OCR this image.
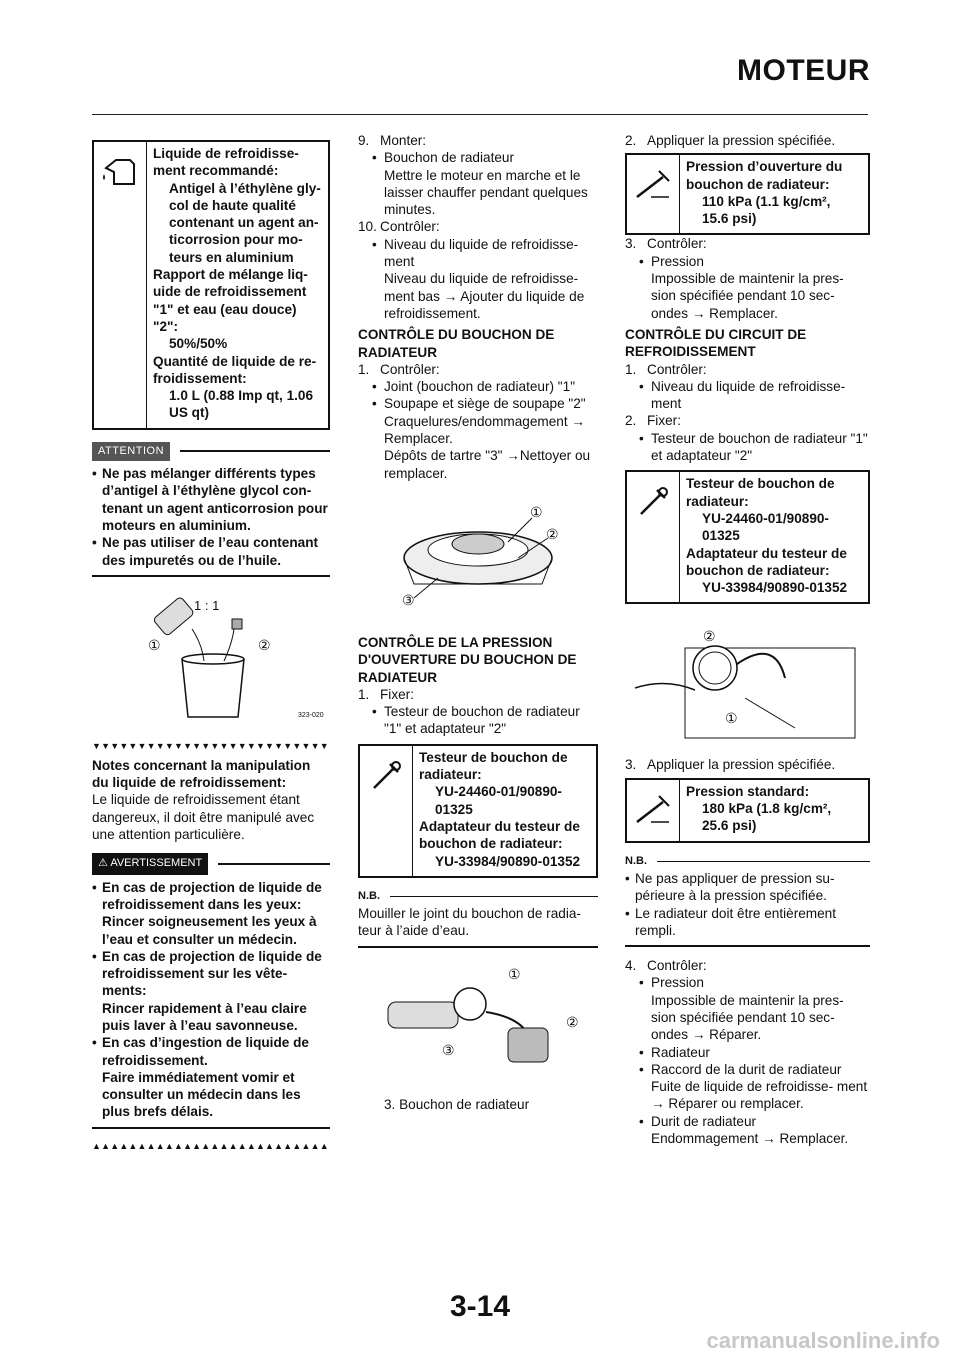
MOTEUR

Liquide de refroidisse-

ment recommandé:

Antigel à l’éthylène gly-

col de haute qualité

contenant un agent an-

ticorrosion pour mo-

teurs en aluminium

Rapport de mélange liq-

uide de refroidissement

"1" et eau (eau douce)

"2":

50%/50%

Quantité de liquide de re-

froidissement:

1.0 L (0.88 Imp qt, 1.06

US qt)

ATTENTION

• Ne pas mélanger différents types d’antigel à l’éthylène glycol con- tenant un agent anticorrosion pour moteurs en aluminium.

• Ne pas utiliser de l’eau contenant des impuretés ou de l’huile.

1 : 1
①	②
323-020
▼▼▼▼▼▼▼▼▼▼▼▼▼▼▼▼▼▼▼▼▼▼▼▼▼▼

Notes concernant la manipulation du liquide de refroidissement:

Le liquide de refroidissement étant dangereux, il doit être manipulé avec une attention particulière.

⚠ AVERTISSEMENT

• En cas de projection de liquide de refroidissement dans les yeux:

Rincer soigneusement les yeux à l’eau et consulter un médecin.

• En cas de projection de liquide de refroidissement sur les vête- ments:

Rincer rapidement à l’eau claire puis laver à l’eau savonneuse.

• En cas d’ingestion de liquide de refroidissement.

Faire immédiatement vomir et consulter un médecin dans les plus brefs délais.

▲▲▲▲▲▲▲▲▲▲▲▲▲▲▲▲▲▲▲▲▲▲▲▲▲▲

9. Monter:

• Bouchon de radiateur

Mettre le moteur en marche et le laisser chauffer pendant quelques minutes.

10. Contrôler:

• Niveau du liquide de refroidisse- ment

Niveau du liquide de refroidisse- ment bas → Ajouter du liquide de refroidissement.

CONTRÔLE DU BOUCHON DE RADIATEUR

1. Contrôler:

• Joint (bouchon de radiateur) "1"

• Soupape et siège de soupape "2"

Craquelures/endommagement → Remplacer.

Dépôts de tartre "3" →Nettoyer ou remplacer.

①
②
③

CONTRÔLE DE LA PRESSION D'OUVERTURE DU BOUCHON DE RADIATEUR

1. Fixer:

• Testeur de bouchon de radiateur "1" et adaptateur "2"

Testeur de bouchon de

radiateur:

YU-24460-01/90890-

01325

Adaptateur du testeur de

bouchon de radiateur:

YU-33984/90890-01352

N.B.

Mouiller le joint du bouchon de radia- teur à l’aide d’eau.

①
②
③

3. Bouchon de radiateur

2. Appliquer la pression spécifiée.

Pression d’ouverture du

bouchon de radiateur:

110 kPa (1.1 kg/cm²,

15.6 psi)

3. Contrôler:

• Pression

Impossible de maintenir la pres- sion spécifiée pendant 10 sec- ondes → Remplacer.

CONTRÔLE DU CIRCUIT DE REFROIDISSEMENT

1. Contrôler:

• Niveau du liquide de refroidisse- ment

2. Fixer:

• Testeur de bouchon de radiateur "1" et adaptateur "2"

Testeur de bouchon de

radiateur:

YU-24460-01/90890-

01325

Adaptateur du testeur de

bouchon de radiateur:

YU-33984/90890-01352

②
①

3. Appliquer la pression spécifiée.

Pression standard:

180 kPa (1.8 kg/cm²,

25.6 psi)

N.B.

• Ne pas appliquer de pression su- périeure à la pression spécifiée.

• Le radiateur doit être entièrement rempli.

4. Contrôler:

• Pression

Impossible de maintenir la pres- sion spécifiée pendant 10 sec- ondes → Réparer.

• Radiateur

• Raccord de la durit de radiateur

Fuite de liquide de refroidisse- ment → Réparer ou remplacer.

• Durit de radiateur

Endommagement → Remplacer.

3-14
carmanualsonline.info
